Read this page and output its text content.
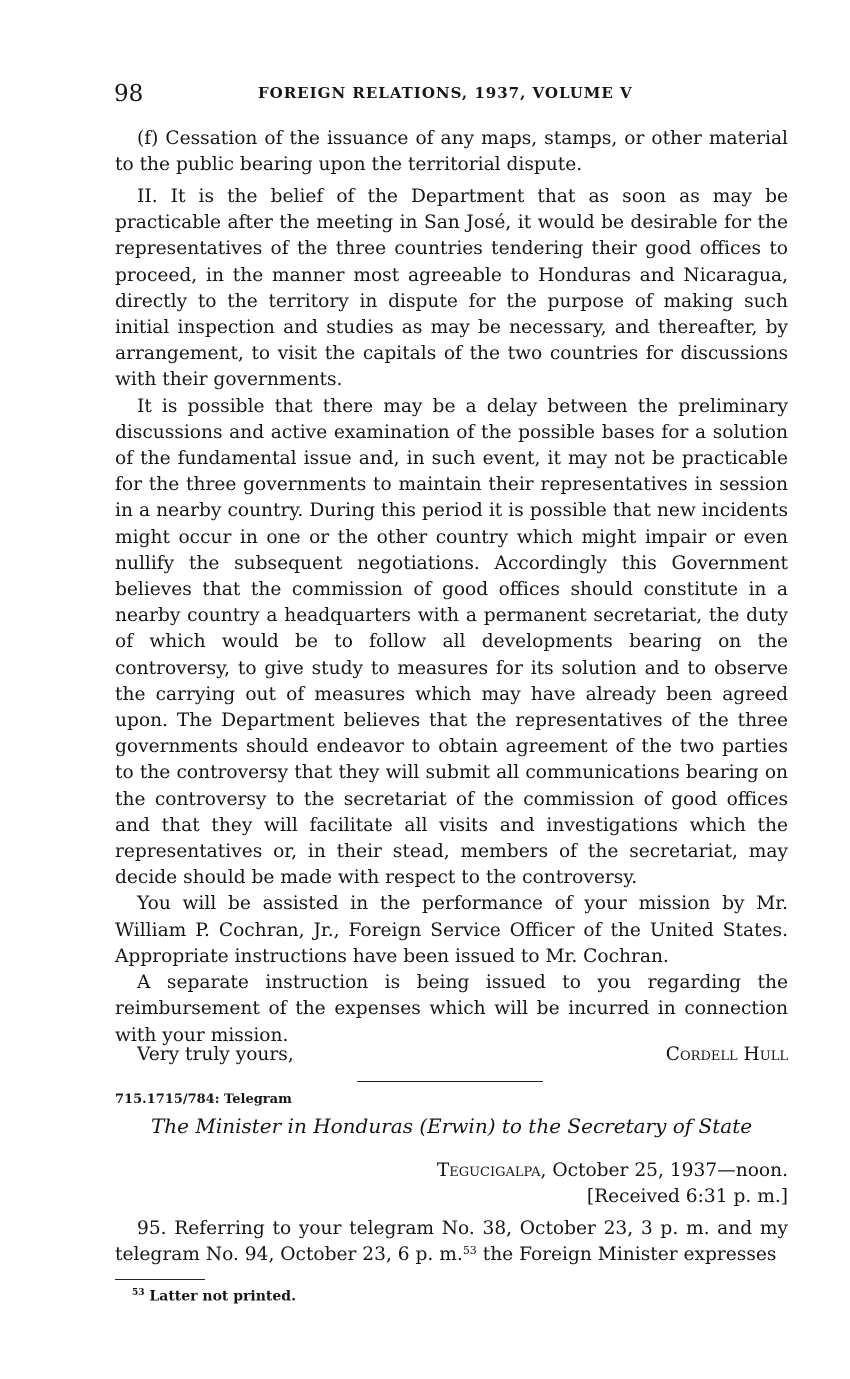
98	FOREIGN RELATIONS, 1937, VOLUME V

(f) Cessation of the issuance of any maps, stamps, or other material to the public bearing upon the territorial dispute.

II. It is the belief of the Department that as soon as may be practicable after the meeting in San José, it would be desirable for the representatives of the three countries tendering their good offices to proceed, in the manner most agreeable to Honduras and Nicaragua, directly to the territory in dispute for the purpose of making such initial inspection and studies as may be necessary, and thereafter, by arrangement, to visit the capitals of the two countries for discussions with their governments.

It is possible that there may be a delay between the preliminary discussions and active examination of the possible bases for a solution of the fundamental issue and, in such event, it may not be practicable for the three governments to maintain their representatives in session in a nearby country. During this period it is possible that new incidents might occur in one or the other country which might impair or even nullify the subsequent negotiations. Accordingly this Government believes that the commission of good offices should constitute in a nearby country a headquarters with a permanent secretariat, the duty of which would be to follow all developments bearing on the controversy, to give study to measures for its solution and to observe the carrying out of measures which may have already been agreed upon. The Department believes that the representatives of the three governments should endeavor to obtain agreement of the two parties to the controversy that they will submit all communications bearing on the controversy to the secretariat of the commission of good offices and that they will facilitate all visits and investigations which the representatives or, in their stead, members of the secretariat, may decide should be made with respect to the controversy.

You will be assisted in the performance of your mission by Mr. William P. Cochran, Jr., Foreign Service Officer of the United States. Appropriate instructions have been issued to Mr. Cochran.

A separate instruction is being issued to you regarding the reimbursement of the expenses which will be incurred in connection with your mission.

Very truly yours,	Cordell Hull
715.1715/784: Telegram
The Minister in Honduras (Erwin) to the Secretary of State
Tegucigalpa, October 25, 1937—noon.
[Received 6:31 p. m.]

95. Referring to your telegram No. 38, October 23, 3 p. m. and my telegram No. 94, October 23, 6 p. m.$^{53}$ the Foreign Minister expresses

$^{53}$ Latter not printed.
